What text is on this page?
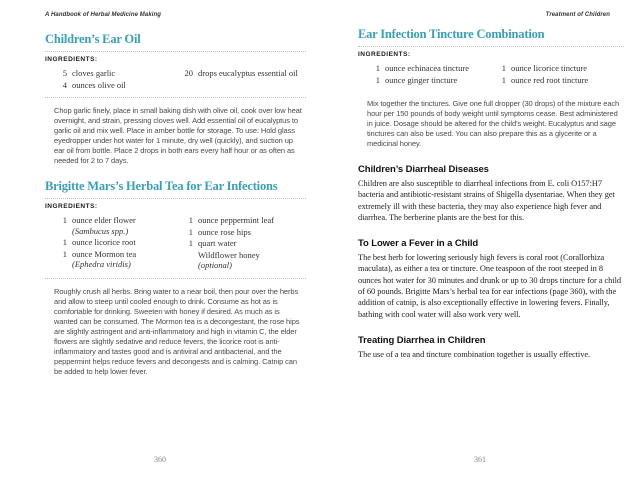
A Handbook of Herbal Medicine Making
Children’s Ear Oil
INGREDIENTS:
5 cloves garlic
4 ounces olive oil
20 drops eucalyptus essential oil

Chop garlic finely, place in small baking dish with olive oil, cook over low heat overnight, and strain, pressing cloves well. Add essential oil of eucalyptus to garlic oil and mix well. Place in amber bottle for storage. To use: Hold glass eyedropper under hot water for 1 minute, dry well (quickly), and suction up ear oil from bottle. Place 2 drops in both ears every half hour or as often as needed for 2 to 7 days.

Brigitte Mars’s Herbal Tea for Ear Infections
INGREDIENTS:
1 ounce elder flower
(Sambucus spp.)
1 ounce licorice root
1 ounce Mormon tea
(Ephedra viridis)
1 ounce peppermint leaf
1 ounce rose hips
1 quart water
Wildflower honey
(optional)

Roughly crush all herbs. Bring water to a near boil, then pour over the herbs and allow to steep until cooled enough to drink. Consume as hot as is comfortable for drinking. Sweeten with honey if desired. As much as is wanted can be consumed. The Mormon tea is a decongestant, the rose hips are slightly astringent and anti-inflammatory and high in vitamin C, the elder flowers are slightly sedative and reduce fevers, the licorice root is anti-inflammatory and tastes good and is antiviral and antibacterial, and the peppermint helps reduce fevers and decongests and is calming. Catnip can be added to help lower fever.

360
Treatment of Children
Ear Infection Tincture Combination
INGREDIENTS:
1 ounce echinacea tincture
1 ounce ginger tincture
1 ounce licorice tincture
1 ounce red root tincture

Mix together the tinctures. Give one full dropper (30 drops) of the mixture each hour per 150 pounds of body weight until symptoms cease. Best administered in juice. Dosage should be altered for the child’s weight. Eucalyptus and sage tinctures can also be used. You can also prepare this as a glycerite or a medicinal honey.

Children’s Diarrheal Diseases

Children are also susceptible to diarrheal infections from E. coli O157:H7 bacteria and antibiotic-resistant strains of Shigella dysentariae. When they get extremely ill with these bacteria, they may also experience high fever and diarrhea. The berberine plants are the best for this.

To Lower a Fever in a Child

The best herb for lowering seriously high fevers is coral root (Corallorhiza maculata), as either a tea or tincture. One teaspoon of the root steeped in 8 ounces hot water for 30 minutes and drunk or up to 30 drops tincture for a child of 60 pounds. Brigitte Mars’s herbal tea for ear infections (page 360), with the addition of catnip, is also exceptionally effective in lowering fevers. Finally, bathing with cool water will also work very well.

Treating Diarrhea in Children

The use of a tea and tincture combination together is usually effective.

361
